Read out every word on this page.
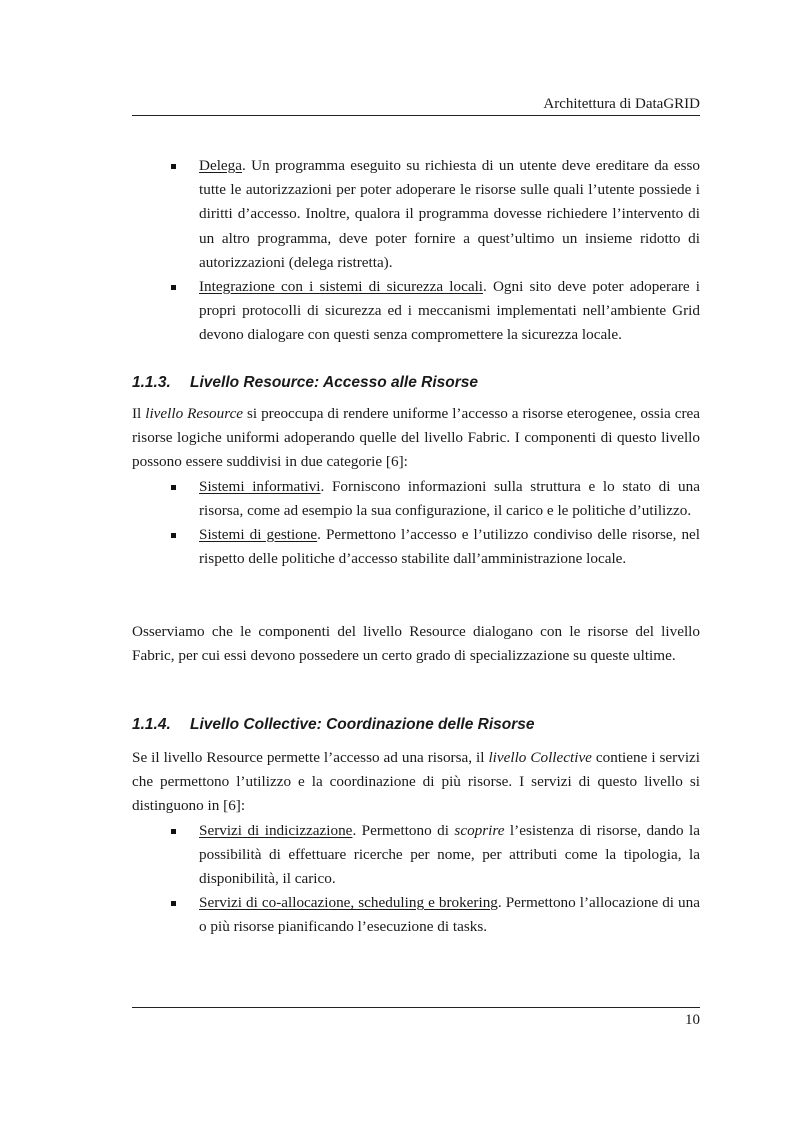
Architettura di DataGRID
Delega. Un programma eseguito su richiesta di un utente deve ereditare da esso tutte le autorizzazioni per poter adoperare le risorse sulle quali l’utente possiede i diritti d’accesso. Inoltre, qualora il programma dovesse richiedere l’intervento di un altro programma, deve poter fornire a quest’ultimo un insieme ridotto di autorizzazioni (delega ristretta).
Integrazione con i sistemi di sicurezza locali. Ogni sito deve poter adoperare i propri protocolli di sicurezza ed i meccanismi implementati nell’ambiente Grid devono dialogare con questi senza compromettere la sicurezza locale.
1.1.3. Livello Resource: Accesso alle Risorse

Il livello Resource si preoccupa di rendere uniforme l’accesso a risorse eterogenee, ossia crea risorse logiche uniformi adoperando quelle del livello Fabric. I componenti di questo livello possono essere suddivisi in due categorie [6]:

Sistemi informativi. Forniscono informazioni sulla struttura e lo stato di una risorsa, come ad esempio la sua configurazione, il carico e le politiche d’utilizzo.
Sistemi di gestione. Permettono l’accesso e l’utilizzo condiviso delle risorse, nel rispetto delle politiche d’accesso stabilite dall’amministrazione locale.

Osserviamo che le componenti del livello Resource dialogano con le risorse del livello Fabric, per cui essi devono possedere un certo grado di specializzazione su queste ultime.

1.1.4. Livello Collective: Coordinazione delle Risorse

Se il livello Resource permette l’accesso ad una risorsa, il livello Collective contiene i servizi che permettono l’utilizzo e la coordinazione di più risorse. I servizi di questo livello si distinguono in [6]:

Servizi di indicizzazione. Permettono di scoprire l’esistenza di risorse, dando la possibilità di effettuare ricerche per nome, per attributi come la tipologia, la disponibilità, il carico.
Servizi di co-allocazione, scheduling e brokering. Permettono l’allocazione di una o più risorse pianificando l’esecuzione di tasks.
10
